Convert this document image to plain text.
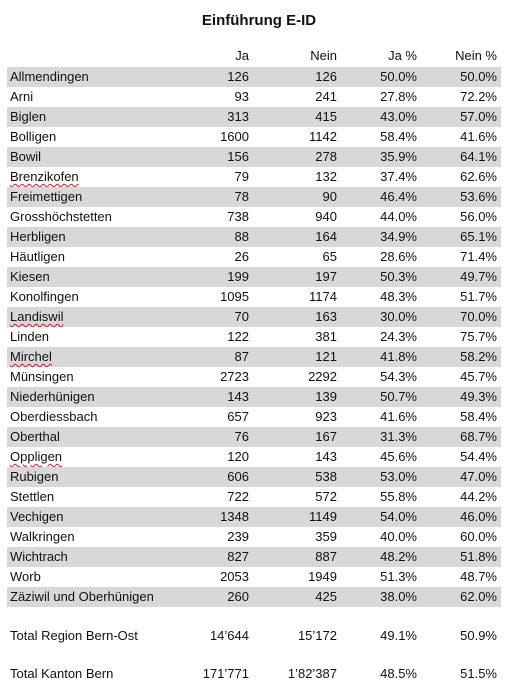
Einführung E-ID
Ja	Nein	Ja %	Nein %
Allmendingen	126	126	50.0%	50.0%
Arni	93	241	27.8%	72.2%
Biglen	313	415	43.0%	57.0%
Bolligen	1600	1142	58.4%	41.6%
Bowil	156	278	35.9%	64.1%
Brenzikofen	79	132	37.4%	62.6%
Freimettigen	78	90	46.4%	53.6%
Grosshöchstetten	738	940	44.0%	56.0%
Herbligen	88	164	34.9%	65.1%
Häutligen	26	65	28.6%	71.4%
Kiesen	199	197	50.3%	49.7%
Konolfingen	1095	1174	48.3%	51.7%
Landiswil	70	163	30.0%	70.0%
Linden	122	381	24.3%	75.7%
Mirchel	87	121	41.8%	58.2%
Münsingen	2723	2292	54.3%	45.7%
Niederhünigen	143	139	50.7%	49.3%
Oberdiessbach	657	923	41.6%	58.4%
Oberthal	76	167	31.3%	68.7%
Oppligen	120	143	45.6%	54.4%
Rubigen	606	538	53.0%	47.0%
Stettlen	722	572	55.8%	44.2%
Vechigen	1348	1149	54.0%	46.0%
Walkringen	239	359	40.0%	60.0%
Wichtrach	827	887	48.2%	51.8%
Worb	2053	1949	51.3%	48.7%
Zäziwil und Oberhünigen	260	425	38.0%	62.0%
Total Region Bern-Ost	14’644	15’172	49.1%	50.9%
Total Kanton Bern	171’771	1’82’387	48.5%	51.5%
